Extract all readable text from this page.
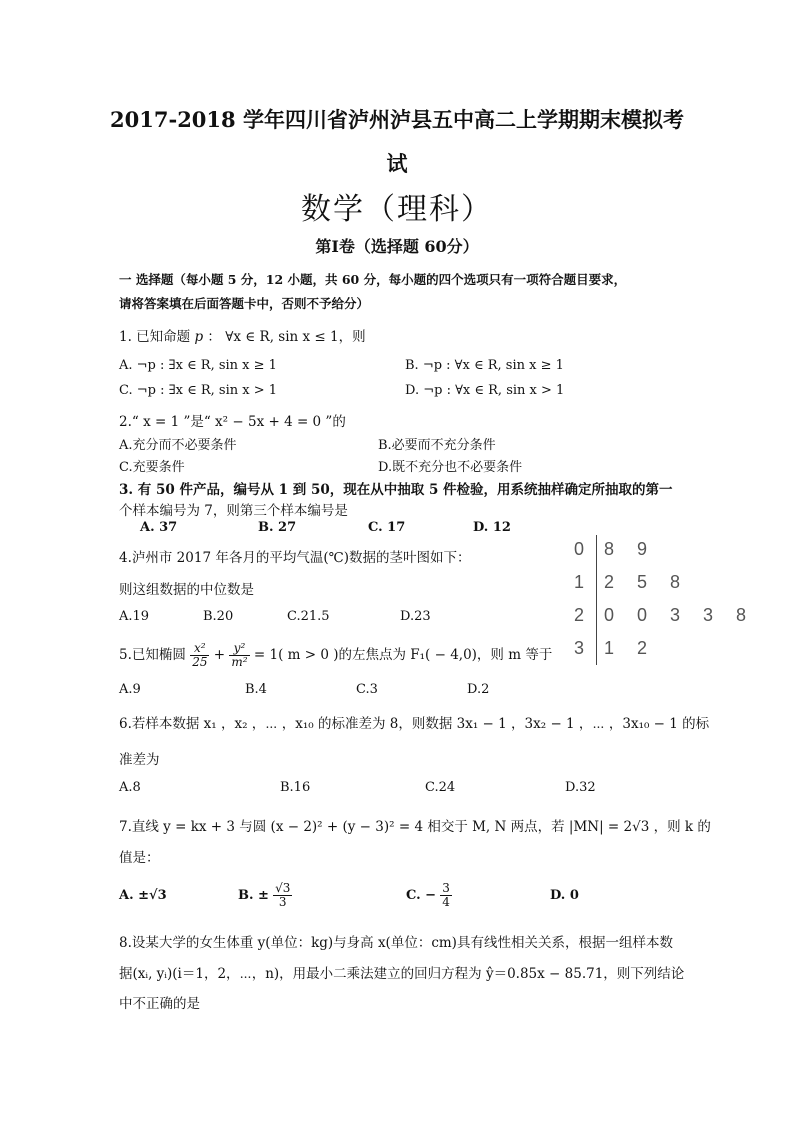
2017-2018 学年四川省泸州泸县五中高二上学期期末模拟考
试
数学（理科）
第Ⅰ卷（选择题 60分）
一 选择题（每小题 5 分，12 小题，共 60 分，每小题的四个选项只有一项符合题目要求，
请将答案填在后面答题卡中，否则不予给分）
1. 已知命题 p ： ∀x ∈ R, sin x ≤ 1，则
A. ¬p : ∃x ∈ R, sin x ≥ 1	B. ¬p : ∀x ∈ R, sin x ≥ 1
C. ¬p : ∃x ∈ R, sin x > 1	D. ¬p : ∀x ∈ R, sin x > 1
2.“ x = 1 ”是“ x² − 5x + 4 = 0 ”的
A.充分而不必要条件	B.必要而不充分条件
C.充要条件	D.既不充分也不必要条件
3. 有 50 件产品，编号从 1 到 50，现在从中抽取 5 件检验，用系统抽样确定所抽取的第一
个样本编号为 7，则第三个样本编号是
A. 37	B. 27	C. 17	D. 12
4.泸州市 2017 年各月的平均气温(℃)数据的茎叶图如下：
则这组数据的中位数是
A.19	B.20	C.21.5	D.23
0 8 9
1 2 5 8
2 0 0 3 3 8
3 1 2
5.已知椭圆 $\frac{\text{x²}}{25} + \frac{\text{y²}}{\text{m²}} = 1$( m > 0 )的左焦点为 F₁( − 4,0)，则 m 等于
A.9	B.4	C.3	D.2
6.若样本数据 x₁ ，x₂ ，⋯ ，x₁₀ 的标准差为 8，则数据 3x₁ − 1 ，3x₂ − 1 ，⋯ ，3x₁₀ − 1 的标
准差为
A.8	B.16	C.24	D.32
7.直线 y = kx + 3 与圆 (x − 2)² + (y − 3)² = 4 相交于 M, N 两点，若 |MN| = 2√3 ，则 k 的
值是：
A. ±√3	B. ± $\frac{√3}{3}$	C. − $\frac{3}{4}$	D. 0
8.设某大学的女生体重 y(单位：kg)与身高 x(单位：cm)具有线性相关关系，根据一组样本数
据(xᵢ, yᵢ)(i＝1，2，⋯，n)，用最小二乘法建立的回归方程为 ŷ＝0.85x − 85.71，则下列结论
中不正确的是
